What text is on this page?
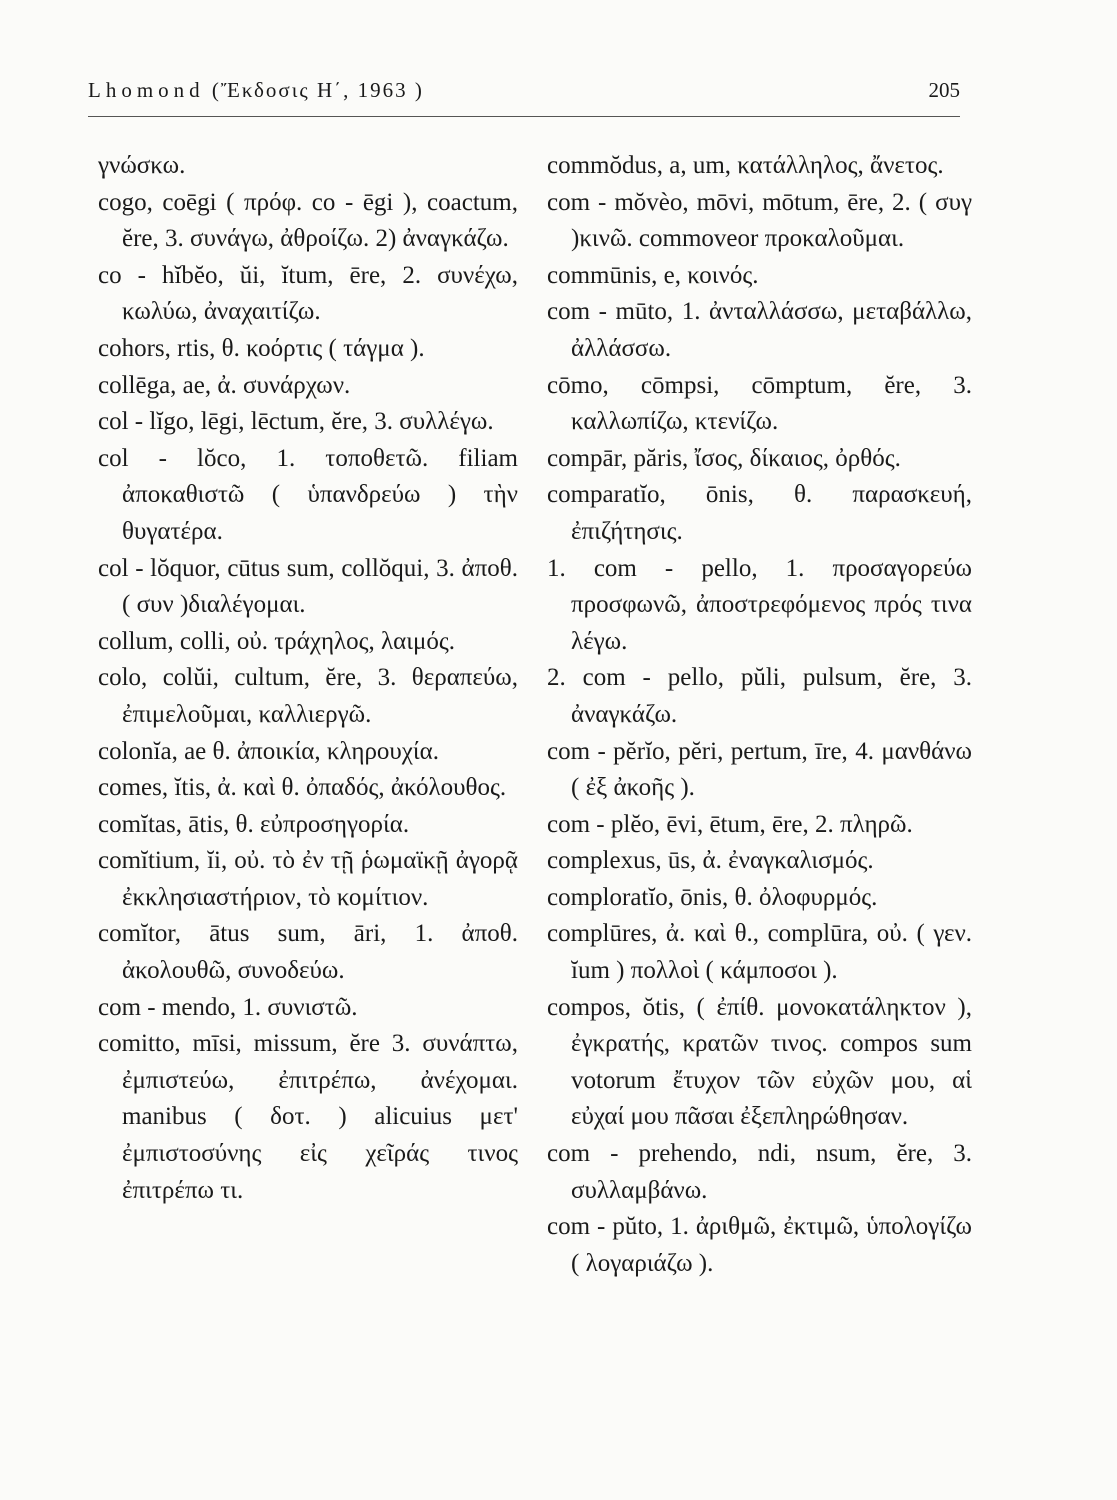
Lhomond (Ἔκδοσις Η΄, 1963 )	205

γνώσκω.

cogo, coēgi ( πρόφ. co - ēgi ), coactum, ĕre, 3. συνάγω, ἀθροίζω. 2) ἀναγκάζω.

co - hĭbĕo, ŭi, ĭtum, ēre, 2. συνέχω, κωλύω, ἀναχαιτίζω.

cohors, rtis, θ. κοόρτις ( τάγμα ).

collēga, ae, ἀ. συνάρχων.

col - lĭgo, lēgi, lēctum, ĕre, 3. συλλέγω.

col - lŏco, 1. τοποθετῶ. filiam ἀποκαθιστῶ ( ὑπανδρεύω ) τὴν θυγατέρα.

col - lŏquor, cūtus sum, collŏqui, 3. ἀποθ. ( συν )διαλέγομαι.

collum, colli, οὐ. τράχηλος, λαιμός.

colo, colŭi, cultum, ĕre, 3. θεραπεύω, ἐπιμελοῦμαι, καλλιεργῶ.

colonĭa, ae θ. ἀποικία, κληρουχία.

comes, ĭtis, ἀ. καὶ θ. ὀπαδός, ἀκόλουθος.

comĭtas, ātis, θ. εὐπροσηγορία.

comĭtium, ĭi, οὐ. τὸ ἐν τῇ ῥωμαϊκῇ ἀγορᾷ ἐκκλησιαστήριον, τὸ κομίτιον.

comĭtor, ātus sum, āri, 1. ἀποθ. ἀκολουθῶ, συνοδεύω.

com - mendo, 1. συνιστῶ.

comitto, mīsi, missum, ĕre 3. συνάπτω, ἐμπιστεύω, ἐπιτρέπω, ἀνέχομαι. manibus ( δοτ. ) alicuius μετ' ἐμπιστοσύνης εἰς χεῖράς τινος ἐπιτρέπω τι.

commŏdus, a, um, κατάλληλος, ἄνετος.

com - mŏvèo, mōvi, mōtum, ēre, 2. ( συγ )κινῶ. commoveor προκαλοῦμαι.

commūnis, e, κοινός.

com - mūto, 1. ἀνταλλάσσω, μεταβάλλω, ἀλλάσσω.

cōmo, cōmpsi, cōmptum, ĕre, 3. καλλωπίζω, κτενίζω.

compār, păris, ἴσος, δίκαιος, ὀρθός.

comparatĭo, ōnis, θ. παρασκευή, ἐπιζήτησις.

1. com - pello, 1. προσαγορεύω προσφωνῶ, ἀποστρεφόμενος πρός τινα λέγω.

2. com - pello, pŭli, pulsum, ĕre, 3. ἀναγκάζω.

com - pĕrĭo, pĕri, pertum, īre, 4. μανθάνω ( ἐξ ἀκοῆς ).

com - plĕo, ēvi, ētum, ēre, 2. πληρῶ.

complexus, ūs, ἀ. ἐναγκαλισμός.

comploratĭo, ōnis, θ. ὀλοφυρμός.

complūres, ἀ. καὶ θ., complūra, οὐ. ( γεν. ĭum ) πολλοὶ ( κάμποσοι ).

compos, ŏtis, ( ἐπίθ. μονοκατάληκτον ), ἐγκρατής, κρατῶν τινος. compos sum votorum ἔτυχον τῶν εὐχῶν μου, αἱ εὐχαί μου πᾶσαι ἐξεπληρώθησαν.

com - prehendo, ndi, nsum, ĕre, 3. συλλαμβάνω.

com - pŭto, 1. ἀριθμῶ, ἐκτιμῶ, ὑπολογίζω ( λογαριάζω ).
